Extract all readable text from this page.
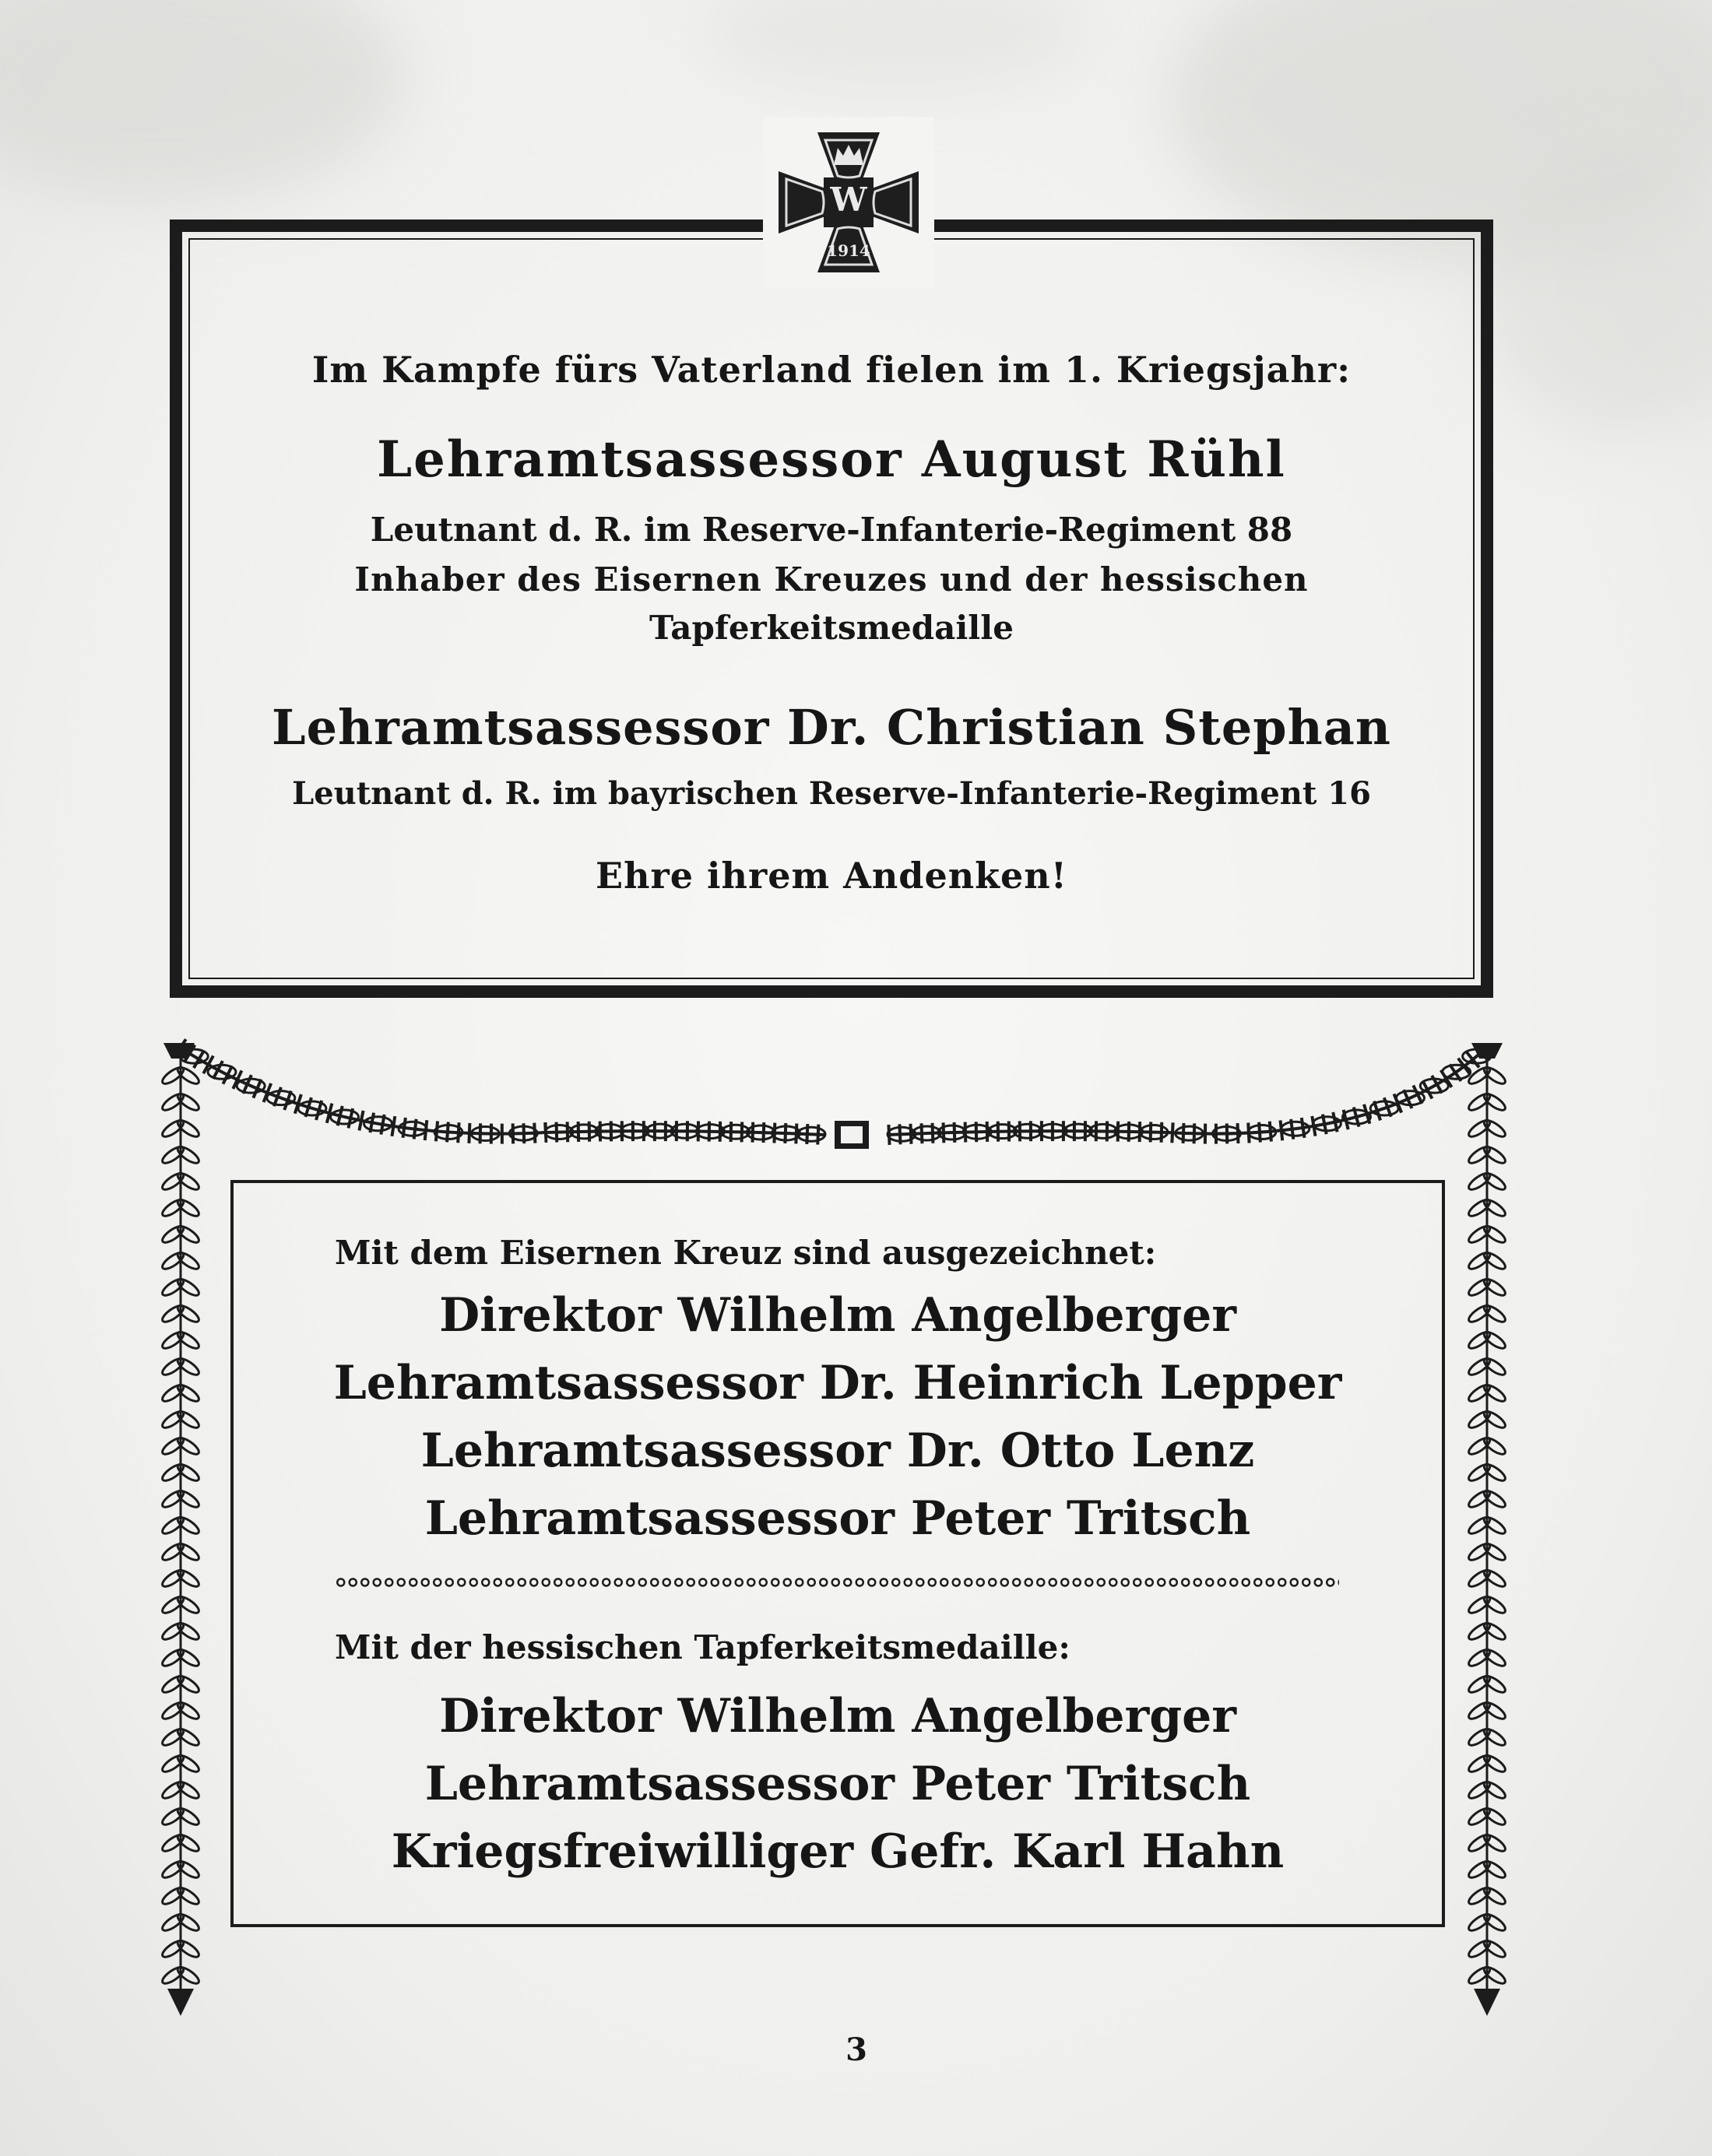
Im Kampfe fürs Vaterland fielen im 1. Kriegsjahr:
Lehramtsassessor August Rühl
Leutnant d. R. im Reserve-Infanterie-Regiment 88
Inhaber des Eisernen Kreuzes und der hessischen
Tapferkeitsmedaille
Lehramtsassessor Dr. Christian Stephan
Leutnant d. R. im bayrischen Reserve-Infanterie-Regiment 16
Ehre ihrem Andenken!
W
1914
Mit dem Eisernen Kreuz sind ausgezeichnet:
Direktor Wilhelm Angelberger
Lehramtsassessor Dr. Heinrich Lepper
Lehramtsassessor Dr. Otto Lenz
Lehramtsassessor Peter Tritsch
Mit der hessischen Tapferkeitsmedaille:
Direktor Wilhelm Angelberger
Lehramtsassessor Peter Tritsch
Kriegsfreiwilliger Gefr. Karl Hahn
3
